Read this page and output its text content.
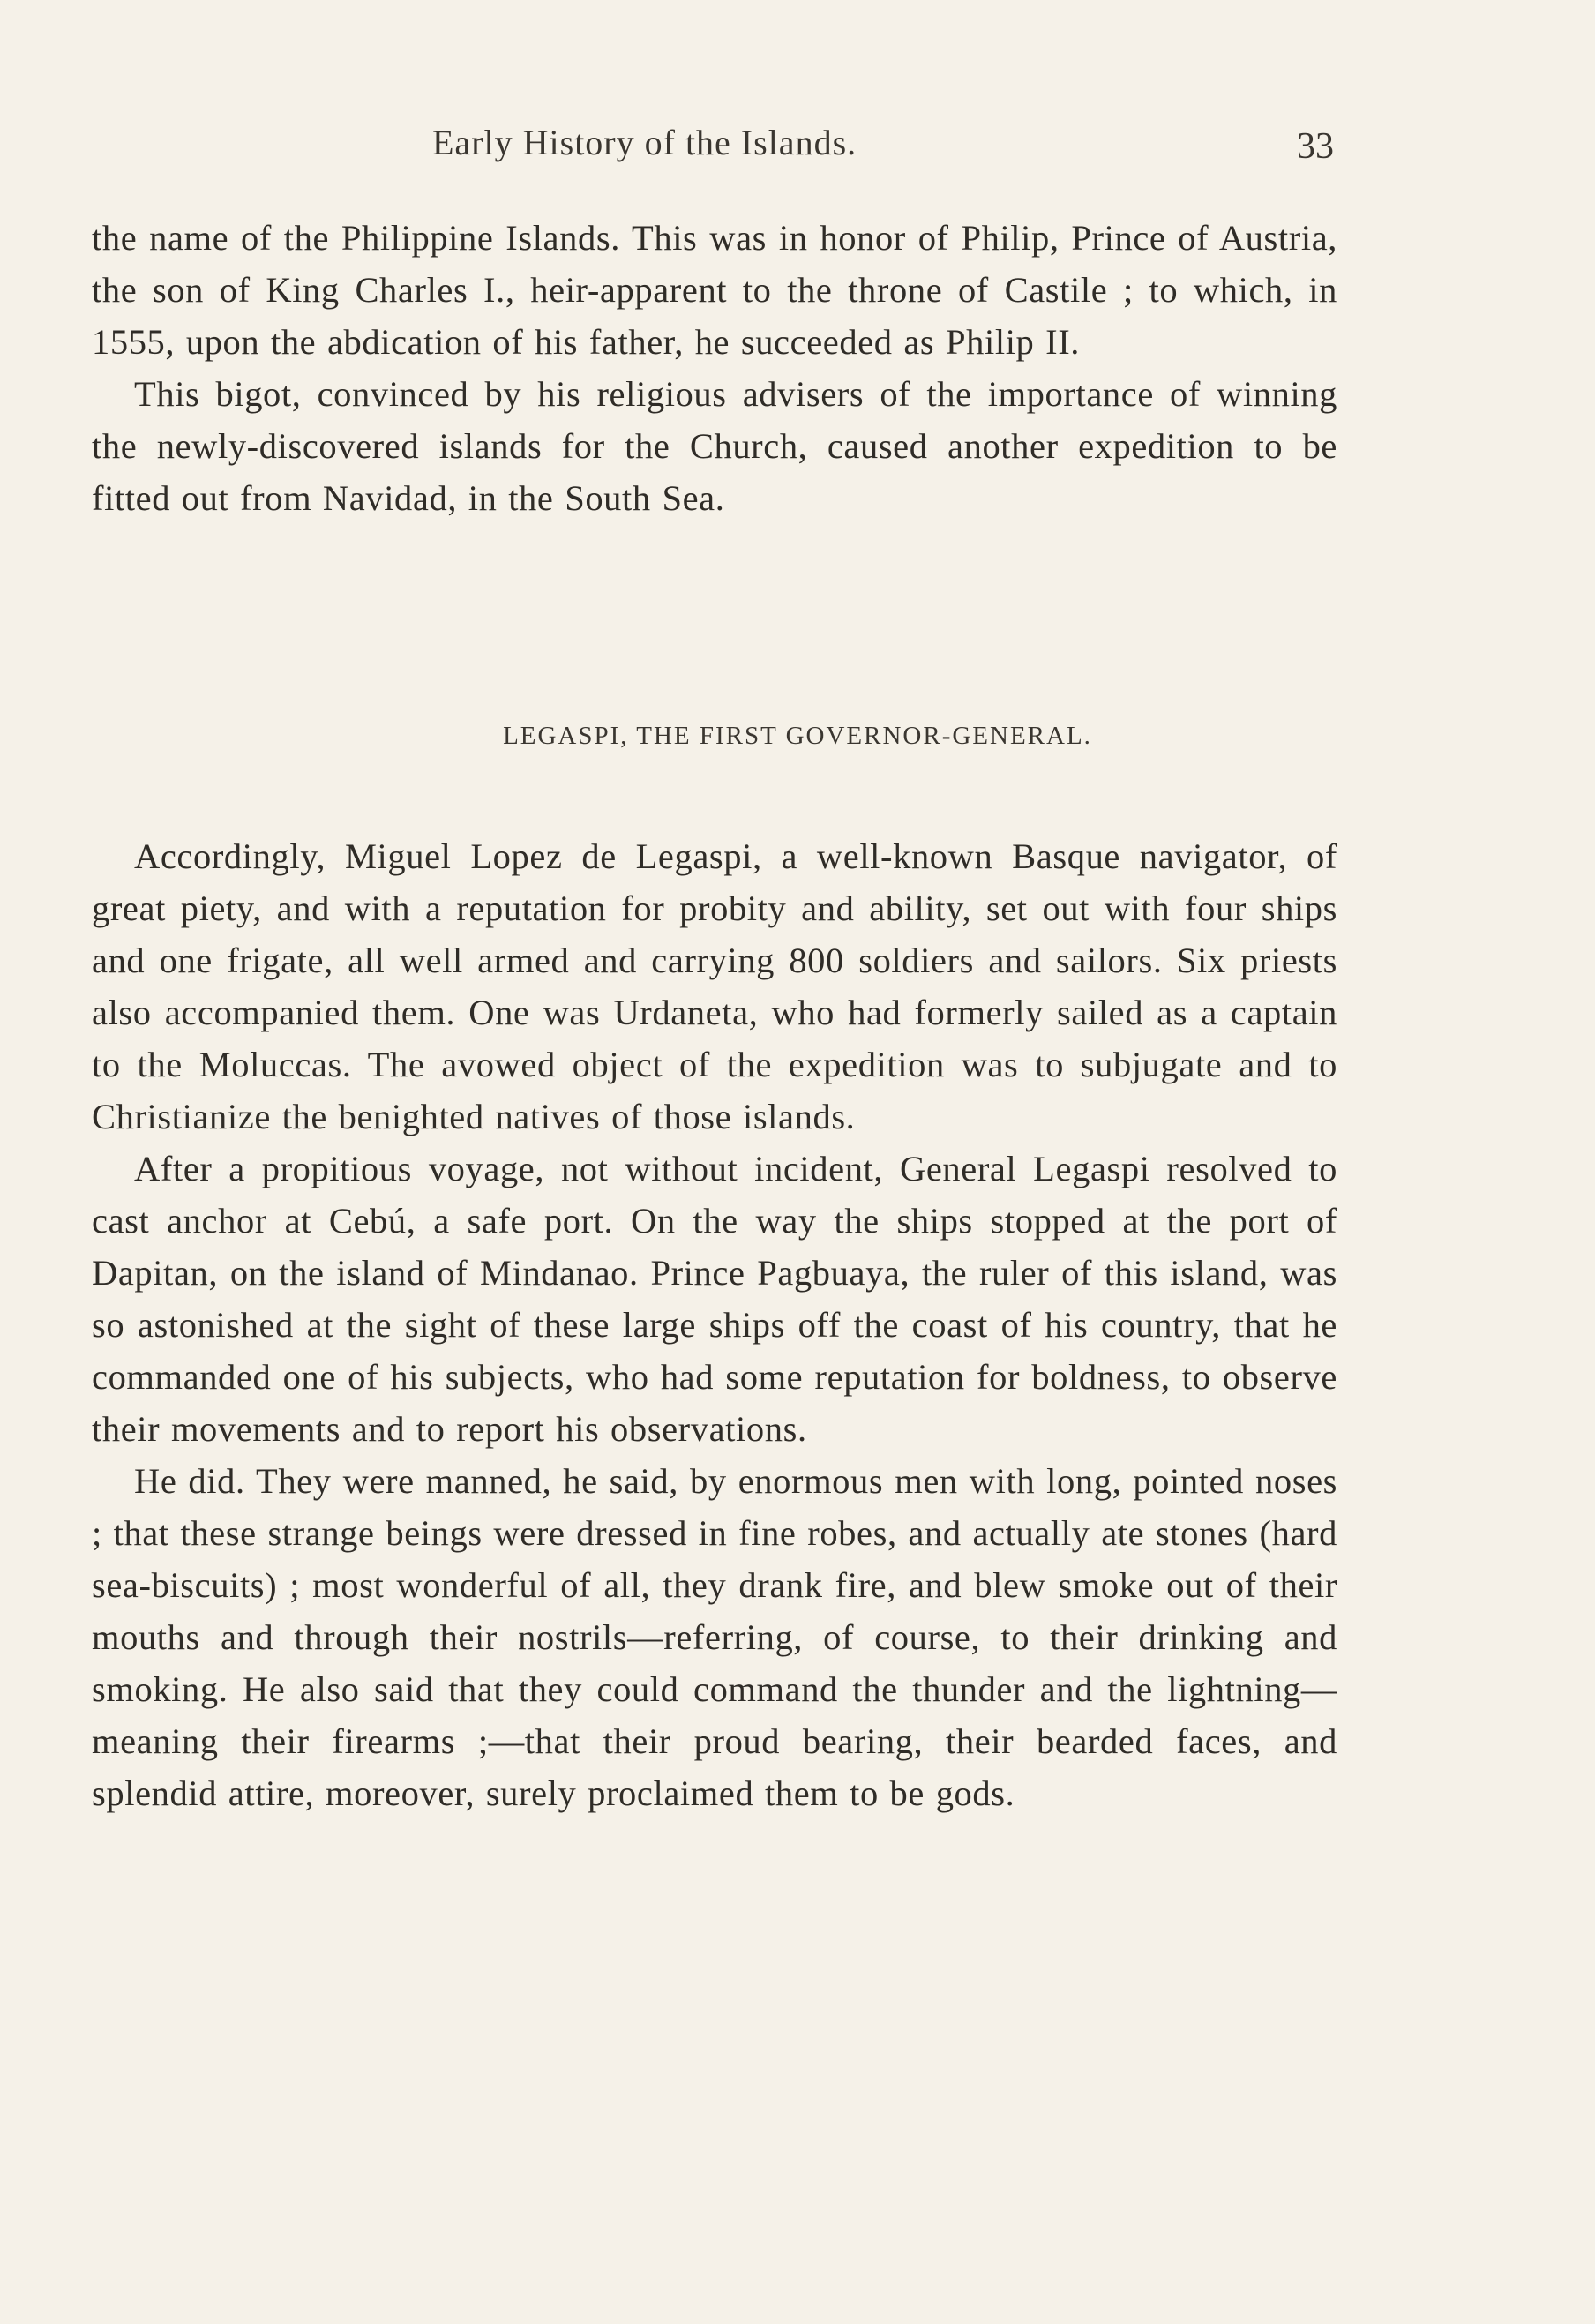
Early History of the Islands.	33

the name of the Philippine Islands. This was in honor of Philip, Prince of Austria, the son of King Charles I., heir-apparent to the throne of Castile ; to which, in 1555, upon the abdication of his father, he succeeded as Philip II.

This bigot, convinced by his religious advisers of the importance of winning the newly-discovered islands for the Church, caused another expedition to be fitted out from Navidad, in the South Sea.

LEGASPI, THE FIRST GOVERNOR-GENERAL.

Accordingly, Miguel Lopez de Legaspi, a well-known Basque navigator, of great piety, and with a reputation for probity and ability, set out with four ships and one frigate, all well armed and carrying 800 soldiers and sailors. Six priests also accompanied them. One was Urdaneta, who had formerly sailed as a captain to the Moluccas. The avowed object of the expedition was to subjugate and to Christianize the benighted natives of those islands.

After a propitious voyage, not without incident, General Legaspi resolved to cast anchor at Cebú, a safe port. On the way the ships stopped at the port of Dapitan, on the island of Mindanao. Prince Pagbuaya, the ruler of this island, was so astonished at the sight of these large ships off the coast of his country, that he commanded one of his subjects, who had some reputation for boldness, to observe their movements and to report his observations.

He did. They were manned, he said, by enormous men with long, pointed noses ; that these strange beings were dressed in fine robes, and actually ate stones (hard sea-biscuits) ; most wonderful of all, they drank fire, and blew smoke out of their mouths and through their nostrils—referring, of course, to their drinking and smoking. He also said that they could command the thunder and the lightning—meaning their firearms ;—that their proud bearing, their bearded faces, and splendid attire, moreover, surely proclaimed them to be gods.
